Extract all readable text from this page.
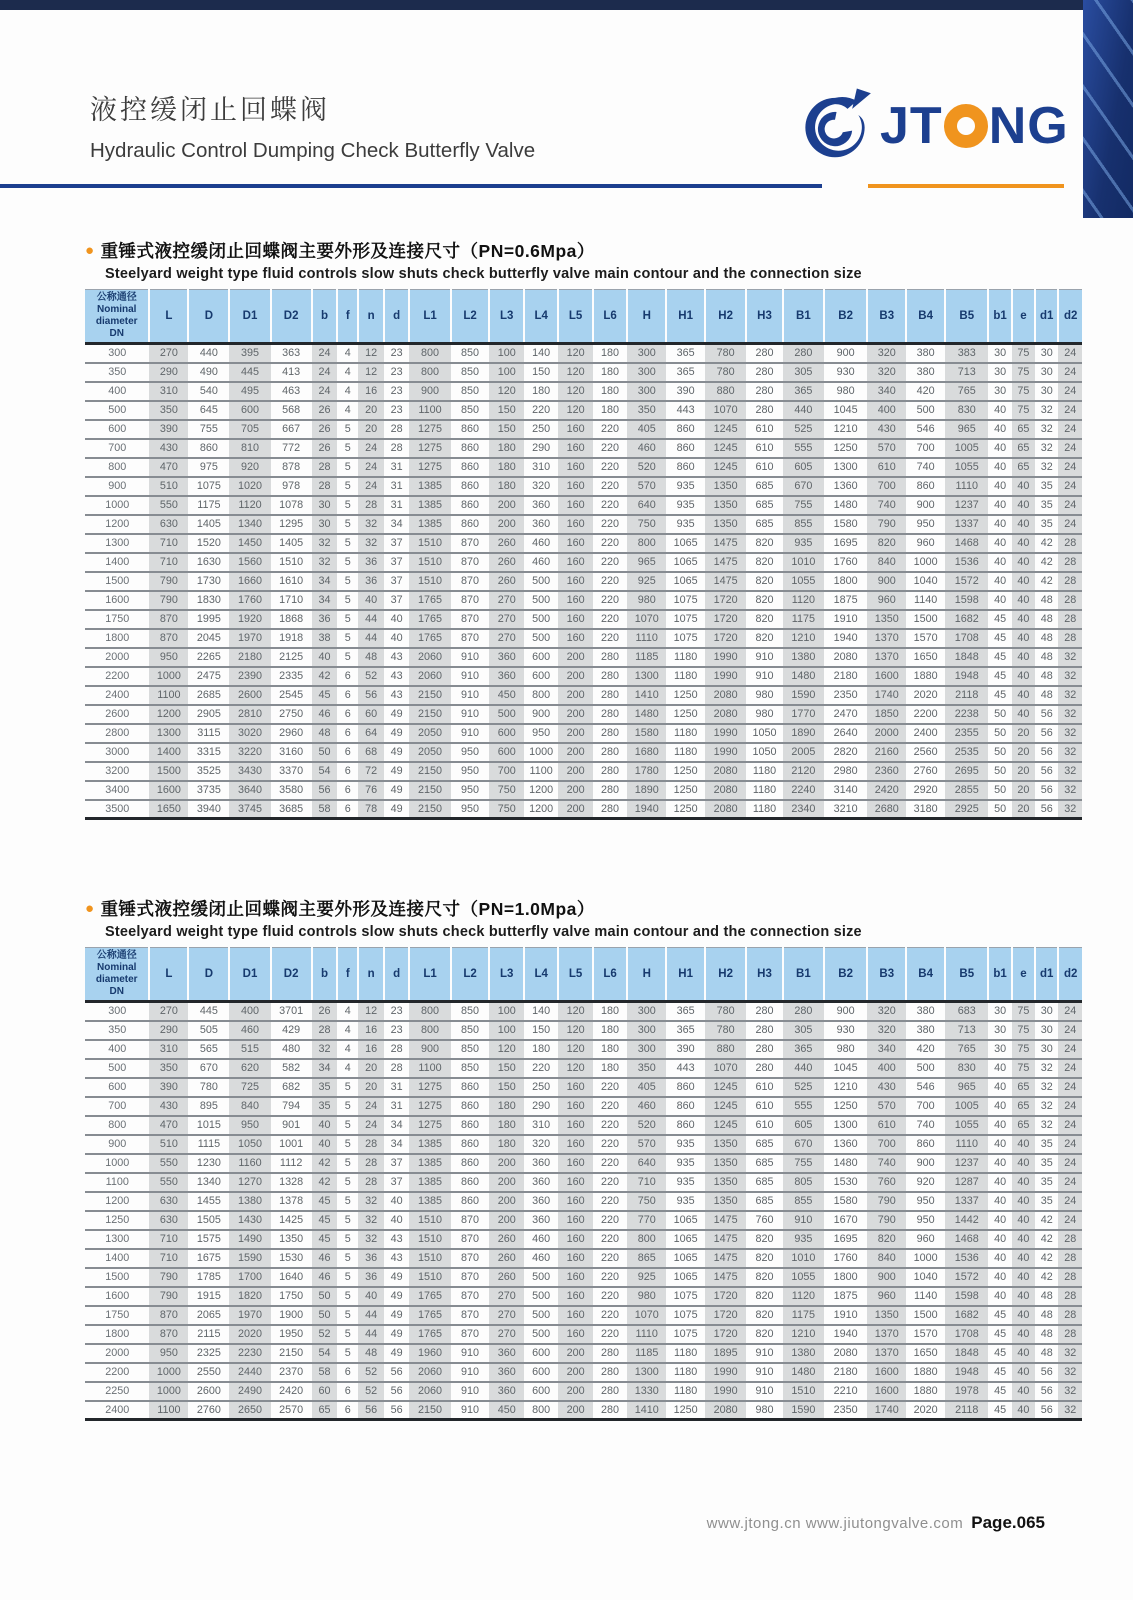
液控缓闭止回蝶阀
Hydraulic Control Dumping Check Butterfly Valve	JT NG
● 重锤式液控缓闭止回蝶阀主要外形及连接尺寸（PN=0.6Mpa）
Steelyard weight type fluid controls slow shuts check butterfly valve main contour and the connection size
公称通径
Nominal
diameter
DN	L	D	D1	D2	b	f	n	d	L1	L2	L3	L4	L5	L6	H	H1	H2	H3	B1	B2	B3	B4	B5	b1	e	d1	d2
300	270	440	395	363	24	4	12	23	800	850	100	140	120	180	300	365	780	280	280	900	320	380	383	30	75	30	24
350	290	490	445	413	24	4	12	23	800	850	100	150	120	180	300	365	780	280	305	930	320	380	713	30	75	30	24
400	310	540	495	463	24	4	16	23	900	850	120	180	120	180	300	390	880	280	365	980	340	420	765	30	75	30	24
500	350	645	600	568	26	4	20	23	1100	850	150	220	120	180	350	443	1070	280	440	1045	400	500	830	40	75	32	24
600	390	755	705	667	26	5	20	28	1275	860	150	250	160	220	405	860	1245	610	525	1210	430	546	965	40	65	32	24
700	430	860	810	772	26	5	24	28	1275	860	180	290	160	220	460	860	1245	610	555	1250	570	700	1005	40	65	32	24
800	470	975	920	878	28	5	24	31	1275	860	180	310	160	220	520	860	1245	610	605	1300	610	740	1055	40	65	32	24
900	510	1075	1020	978	28	5	24	31	1385	860	180	320	160	220	570	935	1350	685	670	1360	700	860	1110	40	40	35	24
1000	550	1175	1120	1078	30	5	28	31	1385	860	200	360	160	220	640	935	1350	685	755	1480	740	900	1237	40	40	35	24
1200	630	1405	1340	1295	30	5	32	34	1385	860	200	360	160	220	750	935	1350	685	855	1580	790	950	1337	40	40	35	24
1300	710	1520	1450	1405	32	5	32	37	1510	870	260	460	160	220	800	1065	1475	820	935	1695	820	960	1468	40	40	42	28
1400	710	1630	1560	1510	32	5	36	37	1510	870	260	460	160	220	965	1065	1475	820	1010	1760	840	1000	1536	40	40	42	28
1500	790	1730	1660	1610	34	5	36	37	1510	870	260	500	160	220	925	1065	1475	820	1055	1800	900	1040	1572	40	40	42	28
1600	790	1830	1760	1710	34	5	40	37	1765	870	270	500	160	220	980	1075	1720	820	1120	1875	960	1140	1598	40	40	48	28
1750	870	1995	1920	1868	36	5	44	40	1765	870	270	500	160	220	1070	1075	1720	820	1175	1910	1350	1500	1682	45	40	48	28
1800	870	2045	1970	1918	38	5	44	40	1765	870	270	500	160	220	1110	1075	1720	820	1210	1940	1370	1570	1708	45	40	48	28
2000	950	2265	2180	2125	40	5	48	43	2060	910	360	600	200	280	1185	1180	1990	910	1380	2080	1370	1650	1848	45	40	48	32
2200	1000	2475	2390	2335	42	6	52	43	2060	910	360	600	200	280	1300	1180	1990	910	1480	2180	1600	1880	1948	45	40	48	32
2400	1100	2685	2600	2545	45	6	56	43	2150	910	450	800	200	280	1410	1250	2080	980	1590	2350	1740	2020	2118	45	40	48	32
2600	1200	2905	2810	2750	46	6	60	49	2150	910	500	900	200	280	1480	1250	2080	980	1770	2470	1850	2200	2238	50	40	56	32
2800	1300	3115	3020	2960	48	6	64	49	2050	910	600	950	200	280	1580	1180	1990	1050	1890	2640	2000	2400	2355	50	20	56	32
3000	1400	3315	3220	3160	50	6	68	49	2050	950	600	1000	200	280	1680	1180	1990	1050	2005	2820	2160	2560	2535	50	20	56	32
3200	1500	3525	3430	3370	54	6	72	49	2150	950	700	1100	200	280	1780	1250	2080	1180	2120	2980	2360	2760	2695	50	20	56	32
3400	1600	3735	3640	3580	56	6	76	49	2150	950	750	1200	200	280	1890	1250	2080	1180	2240	3140	2420	2920	2855	50	20	56	32
3500	1650	3940	3745	3685	58	6	78	49	2150	950	750	1200	200	280	1940	1250	2080	1180	2340	3210	2680	3180	2925	50	20	56	32
● 重锤式液控缓闭止回蝶阀主要外形及连接尺寸（PN=1.0Mpa）
Steelyard weight type fluid controls slow shuts check butterfly valve main contour and the connection size
公称通径
Nominal
diameter
DN	L	D	D1	D2	b	f	n	d	L1	L2	L3	L4	L5	L6	H	H1	H2	H3	B1	B2	B3	B4	B5	b1	e	d1	d2
300	270	445	400	3701	26	4	12	23	800	850	100	140	120	180	300	365	780	280	280	900	320	380	683	30	75	30	24
350	290	505	460	429	28	4	16	23	800	850	100	150	120	180	300	365	780	280	305	930	320	380	713	30	75	30	24
400	310	565	515	480	32	4	16	28	900	850	120	180	120	180	300	390	880	280	365	980	340	420	765	30	75	30	24
500	350	670	620	582	34	4	20	28	1100	850	150	220	120	180	350	443	1070	280	440	1045	400	500	830	40	75	32	24
600	390	780	725	682	35	5	20	31	1275	860	150	250	160	220	405	860	1245	610	525	1210	430	546	965	40	65	32	24
700	430	895	840	794	35	5	24	31	1275	860	180	290	160	220	460	860	1245	610	555	1250	570	700	1005	40	65	32	24
800	470	1015	950	901	40	5	24	34	1275	860	180	310	160	220	520	860	1245	610	605	1300	610	740	1055	40	65	32	24
900	510	1115	1050	1001	40	5	28	34	1385	860	180	320	160	220	570	935	1350	685	670	1360	700	860	1110	40	40	35	24
1000	550	1230	1160	1112	42	5	28	37	1385	860	200	360	160	220	640	935	1350	685	755	1480	740	900	1237	40	40	35	24
1100	550	1340	1270	1328	42	5	28	37	1385	860	200	360	160	220	710	935	1350	685	805	1530	760	920	1287	40	40	35	24
1200	630	1455	1380	1378	45	5	32	40	1385	860	200	360	160	220	750	935	1350	685	855	1580	790	950	1337	40	40	35	24
1250	630	1505	1430	1425	45	5	32	40	1510	870	200	360	160	220	770	1065	1475	760	910	1670	790	950	1442	40	40	42	24
1300	710	1575	1490	1350	45	5	32	43	1510	870	260	460	160	220	800	1065	1475	820	935	1695	820	960	1468	40	40	42	28
1400	710	1675	1590	1530	46	5	36	43	1510	870	260	460	160	220	865	1065	1475	820	1010	1760	840	1000	1536	40	40	42	28
1500	790	1785	1700	1640	46	5	36	49	1510	870	260	500	160	220	925	1065	1475	820	1055	1800	900	1040	1572	40	40	42	28
1600	790	1915	1820	1750	50	5	40	49	1765	870	270	500	160	220	980	1075	1720	820	1120	1875	960	1140	1598	40	40	48	28
1750	870	2065	1970	1900	50	5	44	49	1765	870	270	500	160	220	1070	1075	1720	820	1175	1910	1350	1500	1682	45	40	48	28
1800	870	2115	2020	1950	52	5	44	49	1765	870	270	500	160	220	1110	1075	1720	820	1210	1940	1370	1570	1708	45	40	48	28
2000	950	2325	2230	2150	54	5	48	49	1960	910	360	600	200	280	1185	1180	1895	910	1380	2080	1370	1650	1848	45	40	48	32
2200	1000	2550	2440	2370	58	6	52	56	2060	910	360	600	200	280	1300	1180	1990	910	1480	2180	1600	1880	1948	45	40	56	32
2250	1000	2600	2490	2420	60	6	52	56	2060	910	360	600	200	280	1330	1180	1990	910	1510	2210	1600	1880	1978	45	40	56	32
2400	1100	2760	2650	2570	65	6	56	56	2150	910	450	800	200	280	1410	1250	2080	980	1590	2350	1740	2020	2118	45	40	56	32
www.jtong.cn www.jiutongvalve.com Page.065
